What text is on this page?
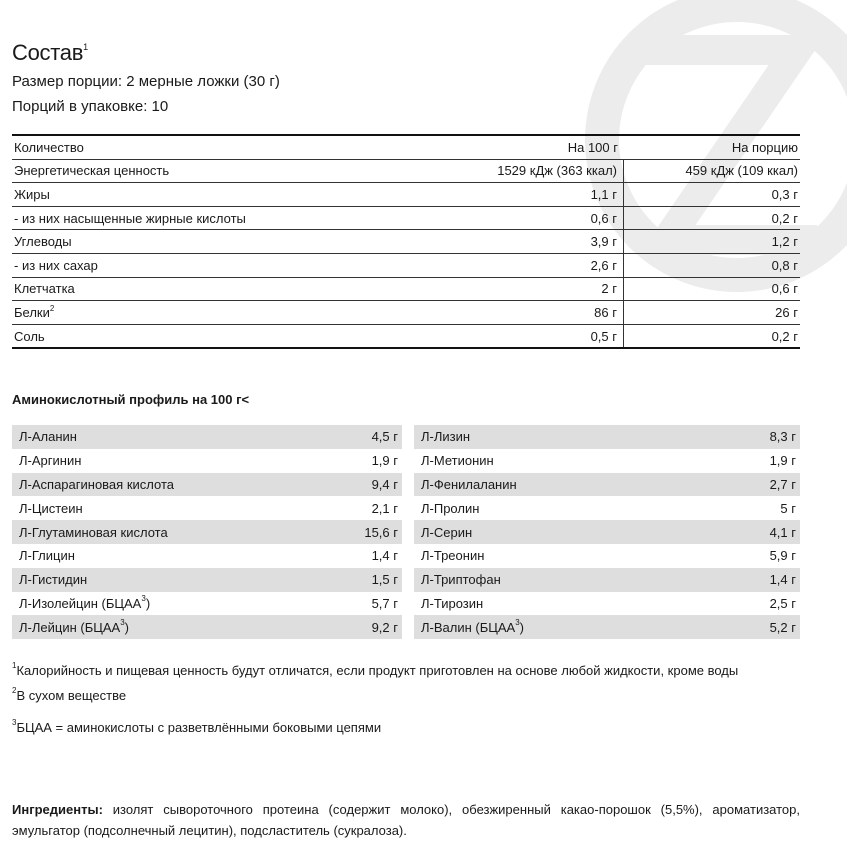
Состав$^1$
Размер порции: 2 мерные ложки (30 г)
Порций в упаковке: 10
Количество	На 100 г	На порцию
Энергетическая ценность	1529 кДж (363 ккал)	459 кДж (109 ккал)
Жиры	1,1 г	0,3 г
- из них насыщенные жирные кислоты	0,6 г	0,2 г
Углеводы	3,9 г	1,2 г
- из них сахар	2,6 г	0,8 г
Клетчатка	2 г	0,6 г
Белки$^2$	86 г	26 г
Соль	0,5 г	0,2 г
Аминокислотный профиль на 100 г<
Л-Аланин	4,5 г
Л-Аргинин	1,9 г
Л-Аспарагиновая кислота	9,4 г
Л-Цистеин	2,1 г
Л-Глутаминовая кислота	15,6 г
Л-Глицин	1,4 г
Л-Гистидин	1,5 г
Л-Изолейцин (БЦАА$^3$)	5,7 г
Л-Лейцин (БЦАА$^3$)	9,2 г
Л-Лизин	8,3 г
Л-Метионин	1,9 г
Л-Фенилаланин	2,7 г
Л-Пролин	5 г
Л-Серин	4,1 г
Л-Треонин	5,9 г
Л-Триптофан	1,4 г
Л-Тирозин	2,5 г
Л-Валин (БЦАА$^3$)	5,2 г
$^1$Калорийность и пищевая ценность будут отличатся, если продукт приготовлен на основе любой жидкости, кроме воды
$^2$В сухом веществе
$^3$БЦАА = аминокислоты с разветвлёнными боковыми цепями
Ингредиенты: изолят сывороточного протеина (содержит молоко), обезжиренный какао-порошок (5,5%), ароматизатор, эмульгатор (подсолнечный лецитин), подсластитель (сукралоза).
